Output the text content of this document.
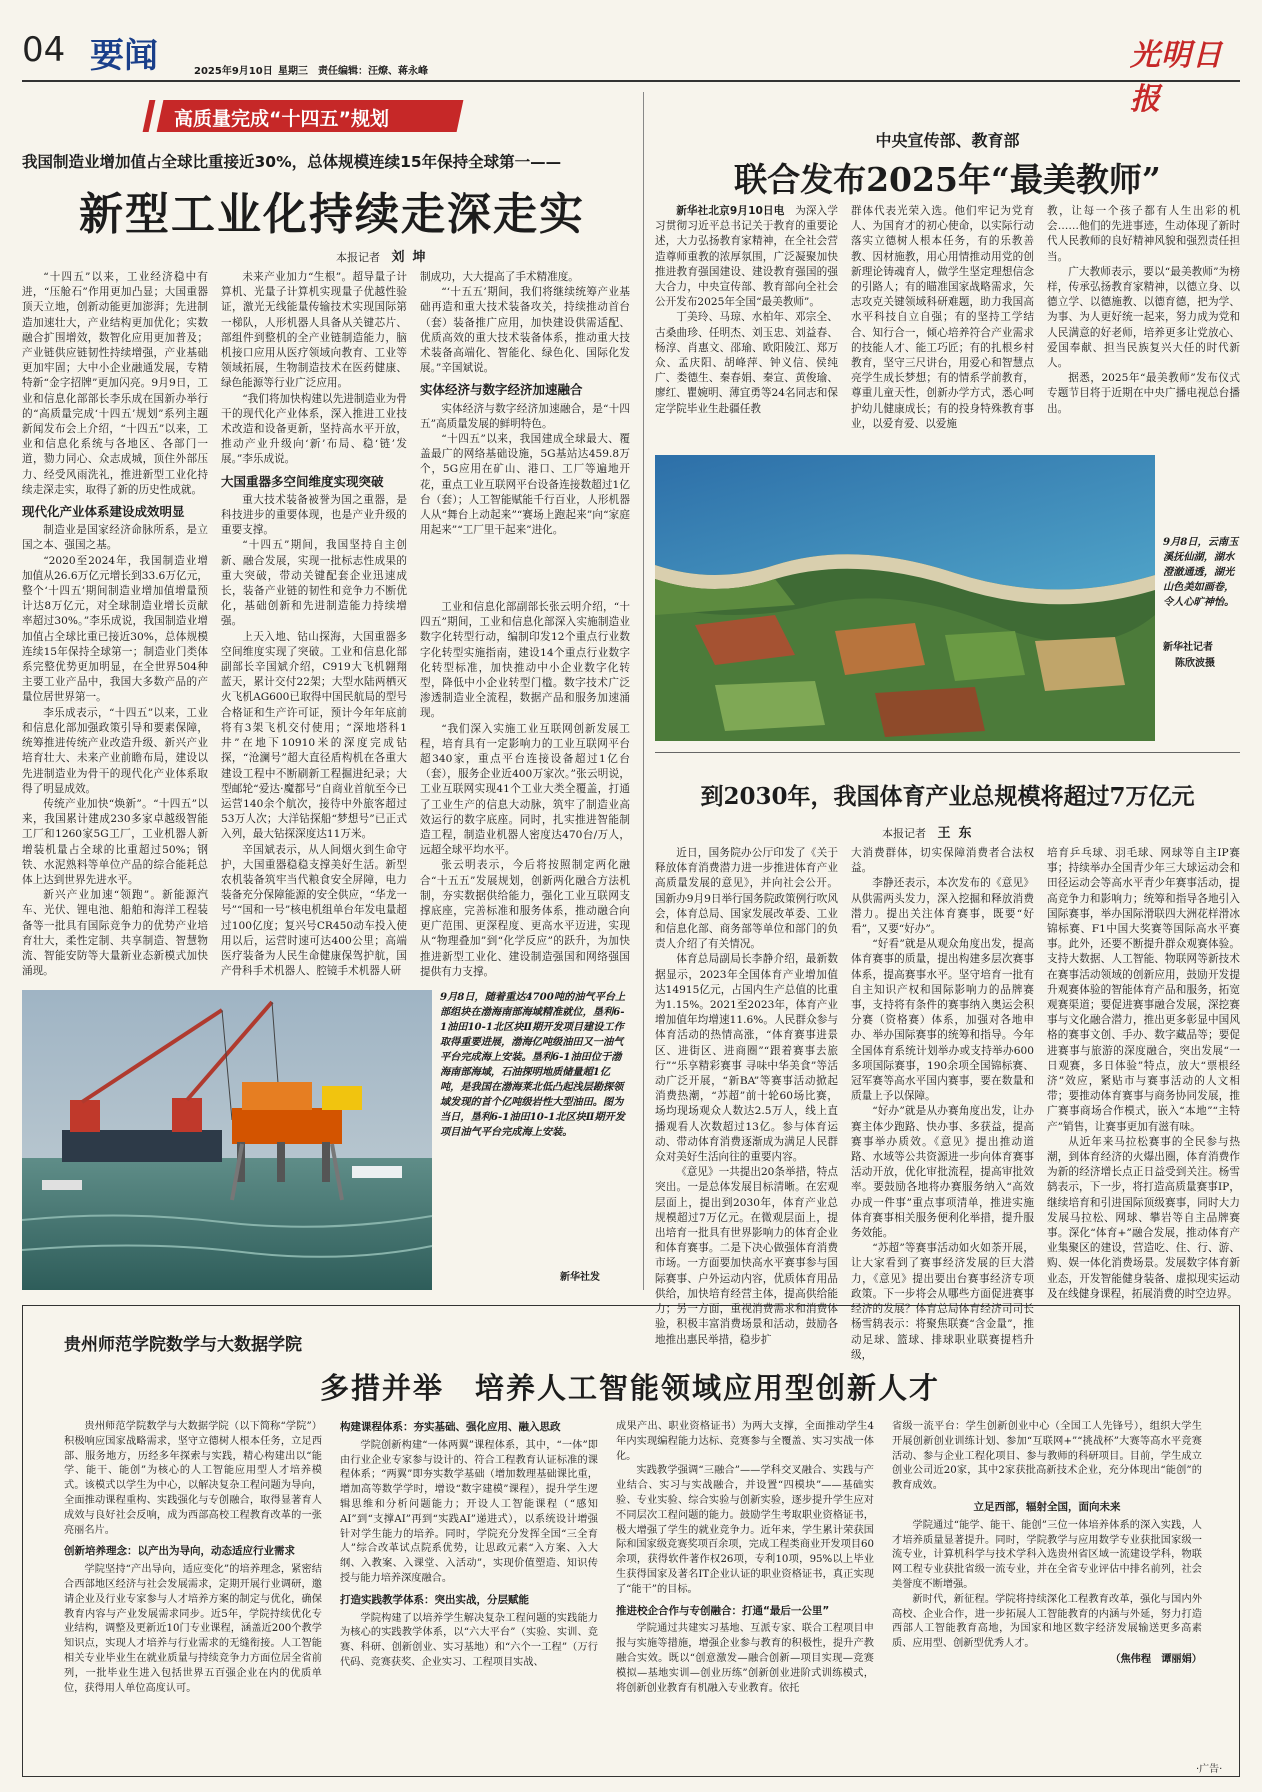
04 要闻	2025年9月10日 星期三 责任编辑：汪燎、蒋永峰	光明日报
高质量完成“十四五”规划
我国制造业增加值占全球比重接近30%，总体规模连续15年保持全球第一——
新型工业化持续走深走实
本报记者 刘坤

“十四五”以来，工业经济稳中有进，“压舱石”作用更加凸显；大国重器顶天立地，创新动能更加澎湃；先进制造加速壮大，产业结构更加优化；实数融合扩围增效，数智化应用更加普及；产业链供应链韧性持续增强，产业基础更加牢固；大中小企业融通发展，专精特新“金字招牌”更加闪亮。9月9日，工业和信息化部部长李乐成在国新办举行的“高质量完成‘十四五’规划”系列主题新闻发布会上介绍，“十四五”以来，工业和信息化系统与各地区、各部门一道，勠力同心、众志成城，顶住外部压力、经受风雨洗礼，推进新型工业化持续走深走实，取得了新的历史性成就。

现代化产业体系建设成效明显

制造业是国家经济命脉所系，是立国之本、强国之基。

“2020至2024年，我国制造业增加值从26.6万亿元增长到33.6万亿元，整个‘十四五’期间制造业增加值增量预计达8万亿元，对全球制造业增长贡献率超过30%。”李乐成说，我国制造业增加值占全球比重已接近30%，总体规模连续15年保持全球第一；制造业门类体系完整优势更加明显，在全世界504种主要工业产品中，我国大多数产品的产量位居世界第一。

李乐成表示，“十四五”以来，工业和信息化部加强政策引导和要素保障，统筹推进传统产业改造升级、新兴产业培育壮大、未来产业前瞻布局，建设以先进制造业为骨干的现代化产业体系取得了明显成效。

传统产业加快“焕新”。“十四五”以来，我国累计建成230多家卓越级智能工厂和1260家5G工厂，工业机器人新增装机量占全球的比重超过50%；钢铁、水泥熟料等单位产品的综合能耗总体上达到世界先进水平。

新兴产业加速“领跑”。新能源汽车、光伏、锂电池、船舶和海洋工程装备等一批具有国际竞争力的优势产业培育壮大，柔性定制、共享制造、智慧物流、智能安防等大量新业态新模式加快涌现。

未来产业加力“生根”。超导量子计算机、光量子计算机实现量子优越性验证，激光无线能量传输技术实现国际第一梯队，人形机器人具备从关键芯片、部组件到整机的全产业链制造能力，脑机接口应用从医疗领域向教育、工业等领域拓展，生物制造技术在医药健康、绿色能源等行业广泛应用。

“我们将加快构建以先进制造业为骨干的现代化产业体系，深入推进工业技术改造和设备更新，坚持高水平开放，推动产业升级向‘新’布局、稳‘链’发展。”李乐成说。

大国重器多空间维度实现突破

重大技术装备被誉为国之重器，是科技进步的重要体现，也是产业升级的重要支撑。

“十四五”期间，我国坚持自主创新、融合发展，实现一批标志性成果的重大突破，带动关键配套企业迅速成长，装备产业链的韧性和竞争力不断优化，基础创新和先进制造能力持续增强。

上天入地、钻山探海，大国重器多空间维度实现了突破。工业和信息化部副部长辛国斌介绍，C919大飞机翱翔蓝天，累计交付22架；大型水陆两栖灭火飞机AG600已取得中国民航局的型号合格证和生产许可证，预计今年年底前将有3架飞机交付使用；“深地塔科1井”在地下10910米的深度完成钻探，“沧澜号”超大直径盾构机在各重大建设工程中不断刷新工程掘进纪录；大型邮轮“爱达·魔都号”自商业首航至今已运营140余个航次，接待中外旅客超过53万人次；大洋钻探船“梦想号”已正式入列，最大钻探深度达11万米。

辛国斌表示，从人间烟火到生命守护，大国重器稳稳支撑美好生活。新型农机装备筑牢当代粮食安全屏障，电力装备充分保障能源的安全供应，“华龙一号”“国和一号”核电机组单台年发电量超过100亿度；复兴号CR450动车投入使用以后，运营时速可达400公里；高端医疗装备为人民生命健康保驾护航，国产骨科手术机器人、腔镜手术机器人研

制成功，大大提高了手术精准度。

“‘十五五’期间，我们将继续统筹产业基础再造和重大技术装备攻关，持续推动首台（套）装备推广应用，加快建设供需适配、优质高效的重大技术装备体系，推动重大技术装备高端化、智能化、绿色化、国际化发展。”辛国斌说。

实体经济与数字经济加速融合

实体经济与数字经济加速融合，是“十四五”高质量发展的鲜明特色。

“十四五”以来，我国建成全球最大、覆盖最广的网络基础设施，5G基站达459.8万个，5G应用在矿山、港口、工厂等遍地开花，重点工业互联网平台设备连接数超过1亿台（套）；人工智能赋能千行百业，人形机器人从“舞台上动起来”“赛场上跑起来”向“家庭用起来”“工厂里干起来”进化。

工业和信息化部副部长张云明介绍，“十四五”期间，工业和信息化部深入实施制造业数字化转型行动，编制印发12个重点行业数字化转型实施指南，建设14个重点行业数字化转型标准，加快推动中小企业数字化转型，降低中小企业转型门槛。数字技术广泛渗透制造业全流程，数据产品和服务加速涌现。

“我们深入实施工业互联网创新发展工程，培育具有一定影响力的工业互联网平台超340家，重点平台连接设备超过1亿台（套），服务企业近400万家次。”张云明说，工业互联网实现41个工业大类全覆盖，打通了工业生产的信息大动脉，筑牢了制造业高效运行的数字底座。同时，扎实推进智能制造工程，制造业机器人密度达470台/万人，远超全球平均水平。

张云明表示，今后将按照制定两化融合“十五五”发展规划，创新两化融合方法机制，夯实数据供给能力，强化工业互联网支撑底座，完善标准和服务体系，推动融合向更广范围、更深程度、更高水平迈进，实现从“物理叠加”到“化学反应”的跃升，为加快推进新型工业化、建设制造强国和网络强国提供有力支撑。

9月8日，随着重达4700吨的油气平台上部组块在渤海南部海域精准就位，垦利6-1油田10-1北区块Ⅱ期开发项目建设工作取得重要进展，渤海亿吨级油田又一油气平台完成海上安装。垦利6-1油田位于渤海南部海域，石油探明地质储量超1亿吨，是我国在渤海莱北低凸起浅层勘探领域发现的首个亿吨级岩性大型油田。图为当日，垦利6-1油田10-1北区块Ⅱ期开发项目油气平台完成海上安装。
新华社发
中央宣传部、教育部
联合发布2025年“最美教师”

新华社北京9月10日电　 为深入学习贯彻习近平总书记关于教育的重要论述，大力弘扬教育家精神，在全社会营造尊师重教的浓厚氛围，广泛凝聚加快推进教育强国建设、建设教育强国的强大合力，中央宣传部、教育部向全社会公开发布2025年全国“最美教师”。

丁美玲、马琼、水柏年、邓宗全、古桑曲珍、任明杰、刘玉忠、刘益春、杨淳、肖惠文、邵瑜、欧阳陵江、郑万众、孟庆阳、胡峰萍、钟义信、侯纯广、娄德生、秦春娟、秦宣、黄俊瑜、廖红、瞿婉明、薄宜勇等24名同志和保定学院毕业生赴疆任教

群体代表光荣入选。他们牢记为党育人、为国育才的初心使命，以实际行动落实立德树人根本任务，有的乐教善教、因材施教，用心用情推动用党的创新理论铸魂育人，做学生坚定理想信念的引路人；有的瞄准国家战略需求，矢志攻克关键领域科研难题，助力我国高水平科技自立自强；有的坚持工学结合、知行合一，倾心培养符合产业需求的技能人才、能工巧匠；有的扎根乡村教育，坚守三尺讲台，用爱心和智慧点亮学生成长梦想；有的情系学前教育，尊重儿童天性，创新办学方式，悉心呵护幼儿健康成长；有的投身特殊教育事业，以爱育爱、以爱施

教，让每一个孩子都有人生出彩的机会……他们的先进事迹，生动体现了新时代人民教师的良好精神风貌和强烈责任担当。

广大教师表示，要以“最美教师”为榜样，传承弘扬教育家精神，以德立身、以德立学、以德施教、以德育德，把为学、为事、为人更好统一起来，努力成为党和人民满意的好老师，培养更多让党放心、爱国奉献、担当民族复兴大任的时代新人。

据悉，2025年“最美教师”发布仪式专题节目将于近期在中央广播电视总台播出。

9月8日，云南玉溪抚仙湖，湖水澄澈通透，湖光山色美如画卷，令人心旷神怡。
新华社记者
陈欣波摄
到2030年，我国体育产业总规模将超过7万亿元
本报记者 王东

近日，国务院办公厅印发了《关于释放体育消费潜力进一步推进体育产业高质量发展的意见》，并向社会公开。国新办9月9日举行国务院政策例行吹风会，体育总局、国家发展改革委、工业和信息化部、商务部等单位和部门的负责人介绍了有关情况。

体育总局副局长李静介绍，最新数据显示，2023年全国体育产业增加值达14915亿元，占国内生产总值的比重为1.15%。2021至2023年，体育产业增加值年均增速11.6%。人民群众参与体育活动的热情高涨，“体育赛事进景区、进街区、进商圈”“跟着赛事去旅行”“乐享精彩赛事 寻味中华美食”等活动广泛开展，“新BA”等赛事活动掀起消费热潮，“苏超”前十轮60场比赛，场均现场观众人数达2.5万人，线上直播观看人次数超过13亿。参与体育运动、带动体育消费逐渐成为满足人民群众对美好生活向往的重要内容。

《意见》一共提出20条举措，特点突出。一是总体发展目标清晰。在宏观层面上，提出到2030年，体育产业总规模超过7万亿元。在微观层面上，提出培育一批具有世界影响力的体育企业和体育赛事。二是下决心做强体育消费市场。一方面要加快高水平赛事参与国际赛事、户外运动内容，优质体育用品供给，加快培育经营主体，提高供给能力；另一方面，重视消费需求和消费体验，积极丰富消费场景和活动，鼓励各地推出惠民举措，稳步扩

大消费群体，切实保障消费者合法权益。

李静还表示，本次发布的《意见》从供需两头发力，深入挖掘和释放消费潜力。提出关注体育赛事，既要“好看”，又要“好办”。

“好看”就是从观众角度出发，提高体育赛事的质量，提出构建多层次赛事体系，提高赛事水平。坚守培育一批有自主知识产权和国际影响力的品牌赛事，支持将有条件的赛事纳入奥运会积分赛（资格赛）体系，加强对各地申办、举办国际赛事的统筹和指导。今年全国体育系统计划举办或支持举办600多项国际赛事，190余项全国锦标赛、冠军赛等高水平国内赛事，要在数量和质量上予以保障。

“好办”就是从办赛角度出发，让办赛主体少跑路、快办事、多获益，提高赛事举办质效。《意见》提出推动道路、水域等公共资源进一步向体育赛事活动开放，优化审批流程，提高审批效率。要鼓励各地将办赛服务纳入“高效办成一件事”重点事项清单，推进实施体育赛事相关服务便利化举措，提升服务效能。

“苏超”等赛事活动如火如荼开展，让大家看到了赛事经济发展的巨大潜力，《意见》提出要出台赛事经济专项政策。下一步将会从哪些方面促进赛事经济的发展？体育总局体育经济司司长杨雪鸫表示：将聚焦联赛“含金量”，推动足球、篮球、排球职业联赛提档升级，

培育乒乓球、羽毛球、网球等自主IP赛事；持续举办全国青少年三大球运动会和田径运动会等高水平青少年赛事活动，提高竞争力和影响力；统筹和指导各地引入国际赛事，举办国际滑联四大洲花样滑冰锦标赛、F1中国大奖赛等国际高水平赛事。此外，还要不断提升群众观赛体验。支持大数据、人工智能、物联网等新技术在赛事活动领域的创新应用，鼓励开发提升观赛体验的智能体育产品和服务，拓宽观赛渠道；要促进赛事融合发展，深挖赛事与文化融合潜力，推出更多彰显中国风格的赛事文创、手办、数字藏品等；要促进赛事与旅游的深度融合，突出发展“一日观赛，多日体验”特点，放大“票根经济”效应，紧贴市与赛事活动的人文相带；要推动体育赛事与商务协同发展，推广赛事商场合作模式，嵌入“本地”“主特产”销售，让赛事更加有滋有味。

从近年来马拉松赛事的全民参与热潮，到体育经济的火爆出圈，体育消费作为新的经济增长点正日益受到关注。杨雪鸫表示，下一步，将打造高质量赛事IP，继续培育和引进国际顶级赛事，同时大力发展马拉松、网球、攀岩等自主品牌赛事。深化“体育+”融合发展，推动体育产业集聚区的建设，营造吃、住、行、游、购、娱一体化消费场景。发展数字体育新业态，开发智能健身装备、虚拟现实运动及在线健身课程，拓展消费的时空边界。

贵州师范学院数学与大数据学院
多措并举　培养人工智能领域应用型创新人才

贵州师范学院数学与大数据学院（以下简称“学院”）积极响应国家战略需求，坚守立德树人根本任务，立足西部、服务地方，历经多年探索与实践，精心构建出以“能学、能干、能创”为核心的人工智能应用型人才培养模式。该模式以学生为中心，以解决复杂工程问题为导向，全面推动课程重构、实践强化与专创融合，取得显著育人成效与良好社会反响，成为西部高校工程教育改革的一张亮丽名片。

创新培养理念：以产出为导向，动态适应行业需求

学院坚持“产出导向，适应变化”的培养理念，紧密结合西部地区经济与社会发展需求，定期开展行业调研，邀请企业及行业专家参与人才培养方案的制定与优化，确保教育内容与产业发展需求同步。近5年，学院持续优化专业结构，调整及更新近10门专业课程，涵盖近200个教学知识点，实现人才培养与行业需求的无缝衔接。人工智能相关专业毕业生在就业质量与持续竞争力方面位居全省前列，一批毕业生进入包括世界五百强企业在内的优质单位，获得用人单位高度认可。

构建课程体系：夯实基础、强化应用、融入思政

学院创新构建“一体两翼”课程体系，其中，“一体”即由行业企业专家参与设计的、符合工程教育认证标准的课程体系；“两翼”即夯实数学基础（增加数理基础课比重，增加高等数学学时，增设“数字建模”课程），提升学生逻辑思维和分析问题能力；开设人工智能课程（“感知AI”到“支撑AI”再到“实践AI”递进式），以系统设计增强针对学生能力的培养。同时，学院充分发挥全国“三全育人”综合改革试点院系优势，让思政元素“入方案、入大纲、入教案、入课堂、入活动”，实现价值塑造、知识传授与能力培养深度融合。

打造实践教学体系：突出实战，分层赋能

学院构建了以培养学生解决复杂工程问题的实践能力为核心的实践教学体系，以“六大平台”（实验、实训、竞赛、科研、创新创业、实习基地）和“六个一工程”（万行代码、竞赛获奖、企业实习、工程项目实战、

成果产出、职业资格证书）为两大支撑，全面推动学生4年内实现编程能力达标、竞赛参与全覆盖、实习实战一体化。

实践教学强调“三融合”——学科交叉融合、实践与产业结合、实习与实战融合，并设置“四模块”——基础实验、专业实验、综合实验与创新实验，逐步提升学生应对不同层次工程问题的能力。鼓励学生考取职业资格证书，极大增强了学生的就业竞争力。近年来，学生累计荣获国际和国家级竞赛奖项百余项，完成工程类商业开发项目60余项，获得软件著作权26项，专利10项，95%以上毕业生获得国家及著名IT企业认证的职业资格证书，真正实现了“能干”的目标。

推进校企合作与专创融合：打通“最后一公里”

学院通过共建实习基地、互派专家、联合工程项目申报与实施等措施，增强企业参与教育的积极性，提升产教融合实效。既以“创意激发—融合创新—项目实现—竞赛模拟—基地实训—创业历练”创新创业进阶式训练模式，将创新创业教育有机融入专业教育。依托

省级一流平台：学生创新创业中心（全国工人先锋号），组织大学生开展创新创业训练计划、参加“互联网+”“挑战杯”大赛等高水平竞赛活动、参与企业工程化项目、参与教师的科研项目。目前，学生成立创业公司近20家，其中2家获批高新技术企业，充分体现出“能创”的教育成效。

立足西部，辐射全国，面向未来

学院通过“能学、能干、能创”三位一体培养体系的深入实践，人才培养质量显著提升。同时，学院教学与应用数学专业获批国家级一流专业，计算机科学与技术学科入选贵州省区域一流建设学科，物联网工程专业获批省级一流专业，并在全省专业评估中排名前列，社会美誉度不断增强。

新时代，新征程。学院将持续深化工程教育改革，强化与国内外高校、企业合作，进一步拓展人工智能教育的内涵与外延，努力打造西部人工智能教育高地，为国家和地区数字经济发展输送更多高素质、应用型、创新型优秀人才。

（焦伟程　谭丽娟）
·广告·
